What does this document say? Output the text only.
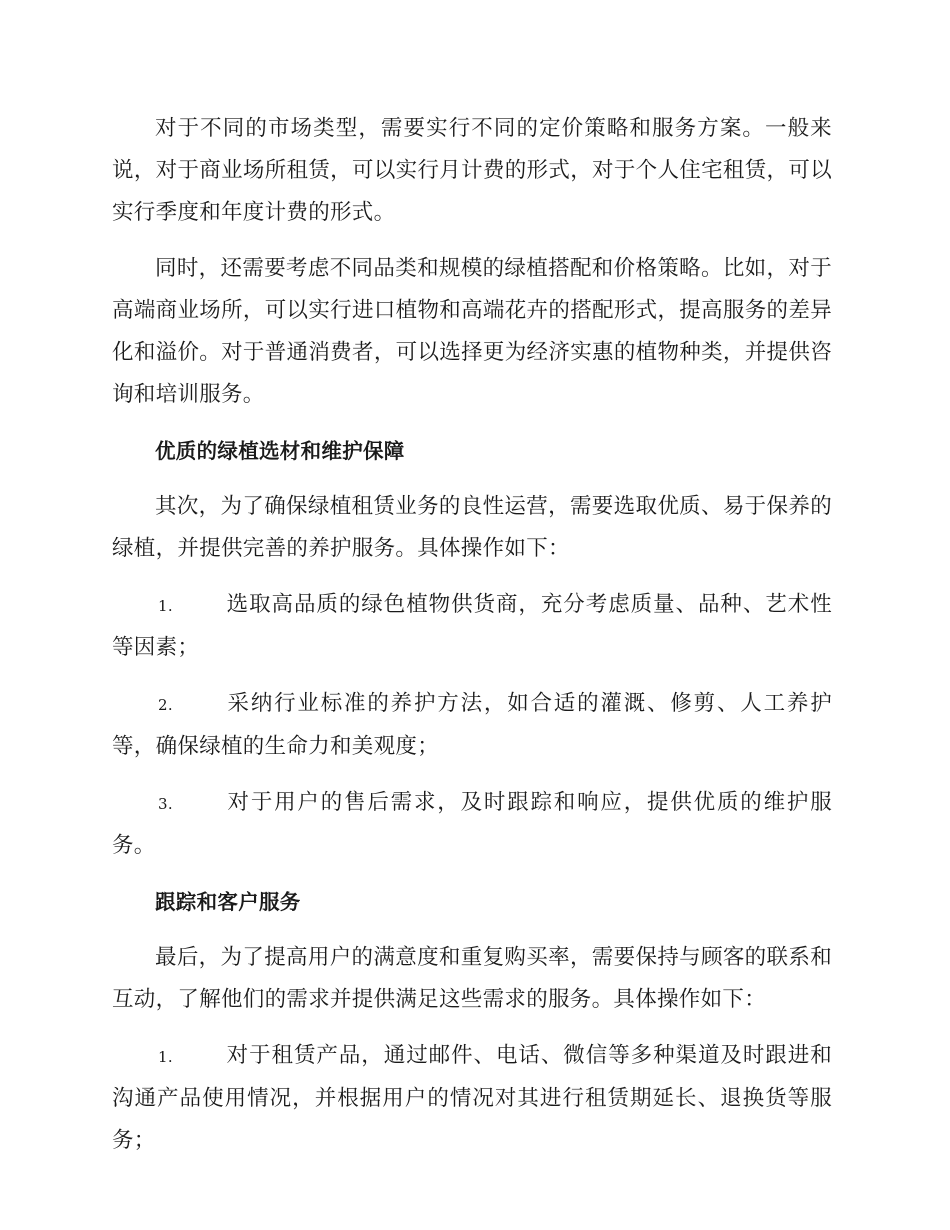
对于不同的市场类型，需要实行不同的定价策略和服务方案。一般来说，对于商业场所租赁，可以实行月计费的形式，对于个人住宅租赁，可以实行季度和年度计费的形式。

同时，还需要考虑不同品类和规模的绿植搭配和价格策略。比如，对于高端商业场所，可以实行进口植物和高端花卉的搭配形式，提高服务的差异化和溢价。对于普通消费者，可以选择更为经济实惠的植物种类，并提供咨询和培训服务。

优质的绿植选材和维护保障

其次，为了确保绿植租赁业务的良性运营，需要选取优质、易于保养的绿植，并提供完善的养护服务。具体操作如下：

1. 选取高品质的绿色植物供货商，充分考虑质量、品种、艺术性等因素；
2. 采纳行业标准的养护方法，如合适的灌溉、修剪、人工养护等，确保绿植的生命力和美观度；
3. 对于用户的售后需求，及时跟踪和响应，提供优质的维护服务。
跟踪和客户服务

最后，为了提高用户的满意度和重复购买率，需要保持与顾客的联系和互动，了解他们的需求并提供满足这些需求的服务。具体操作如下：

1. 对于租赁产品，通过邮件、电话、微信等多种渠道及时跟进和沟通产品使用情况，并根据用户的情况对其进行租赁期延长、退换货等服务；
